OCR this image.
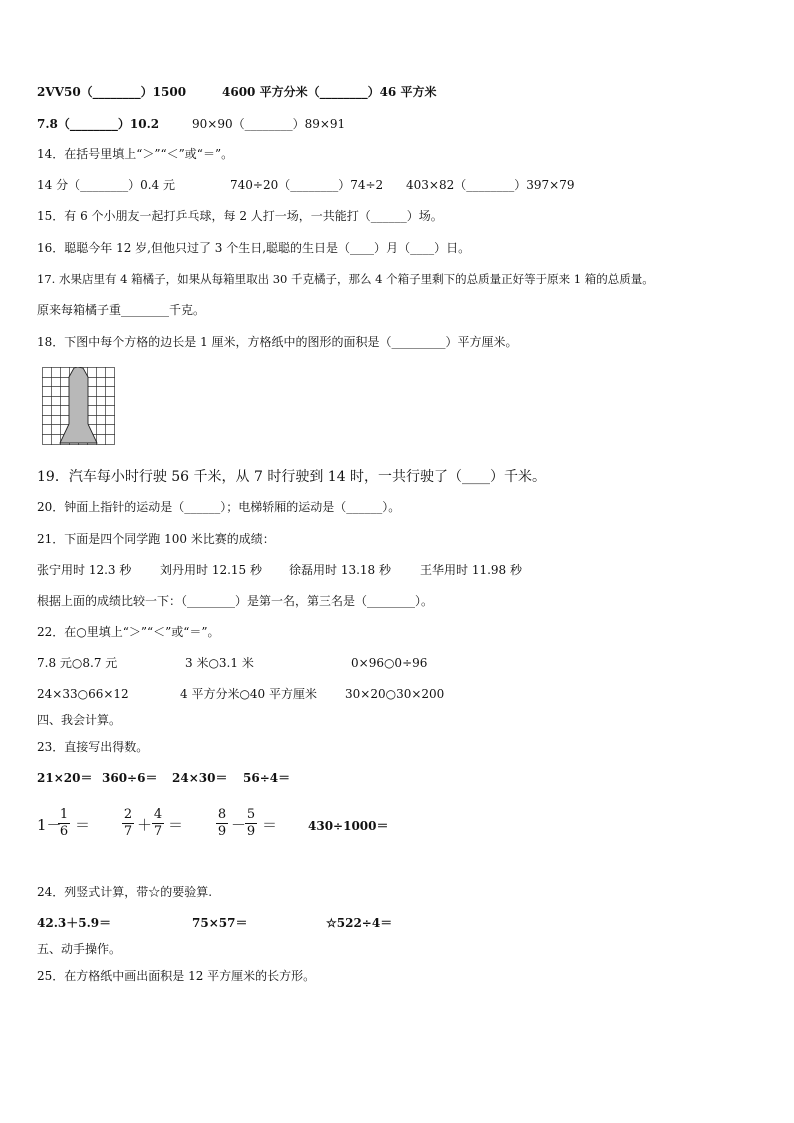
2VV50（________）1500	4600 平方分米（________）46 平方米
7.8（________）10.2	90×90（________）89×91
14．在括号里填上“＞”“＜”或“＝”。
14 分（________）0.4 元	740÷20（________）74÷2 403×82（________）397×79
15．有 6 个小朋友一起打乒乓球，每 2 人打一场，一共能打（______）场。
16．聪聪今年 12 岁,但他只过了 3 个生日,聪聪的生日是（____）月（____）日。
17. 水果店里有 4 箱橘子，如果从每箱里取出 30 千克橘子，那么 4 个箱子里剩下的总质量正好等于原来 1 箱的总质量。
原来每箱橘子重________千克。
18．下图中每个方格的边长是 1 厘米，方格纸中的图形的面积是（_________）平方厘米。
19．汽车每小时行驶 56 千米，从 7 时行驶到 14 时，一共行驶了（____）千米。
20．钟面上指针的运动是（______）；电梯轿厢的运动是（______）。
21．下面是四个同学跑 100 米比赛的成绩：
张宁用时 12.3 秒 刘丹用时 12.15 秒 徐磊用时 13.18 秒 王华用时 11.98 秒
根据上面的成绩比较一下：（________）是第一名，第三名是（________）。
22．在○里填上“＞”“＜”或“＝”。
7.8 元○8.7 元	3 米○3.1 米	0×96○0÷96
24×33○66×12	4 平方分米○40 平方厘米 30×20○30×200
四、我会计算。
23．直接写出得数。
21×20＝ 360÷6＝ 24×30＝ 56÷4＝
1－
1
6 ＝
2
7 ＋
4
7 ＝
8
9 －
5
9 ＝	430÷1000＝
24．列竖式计算，带☆的要验算.
42.3＋5.9＝	75×57＝	☆522÷4＝
五、动手操作。
25．在方格纸中画出面积是 12 平方厘米的长方形。
